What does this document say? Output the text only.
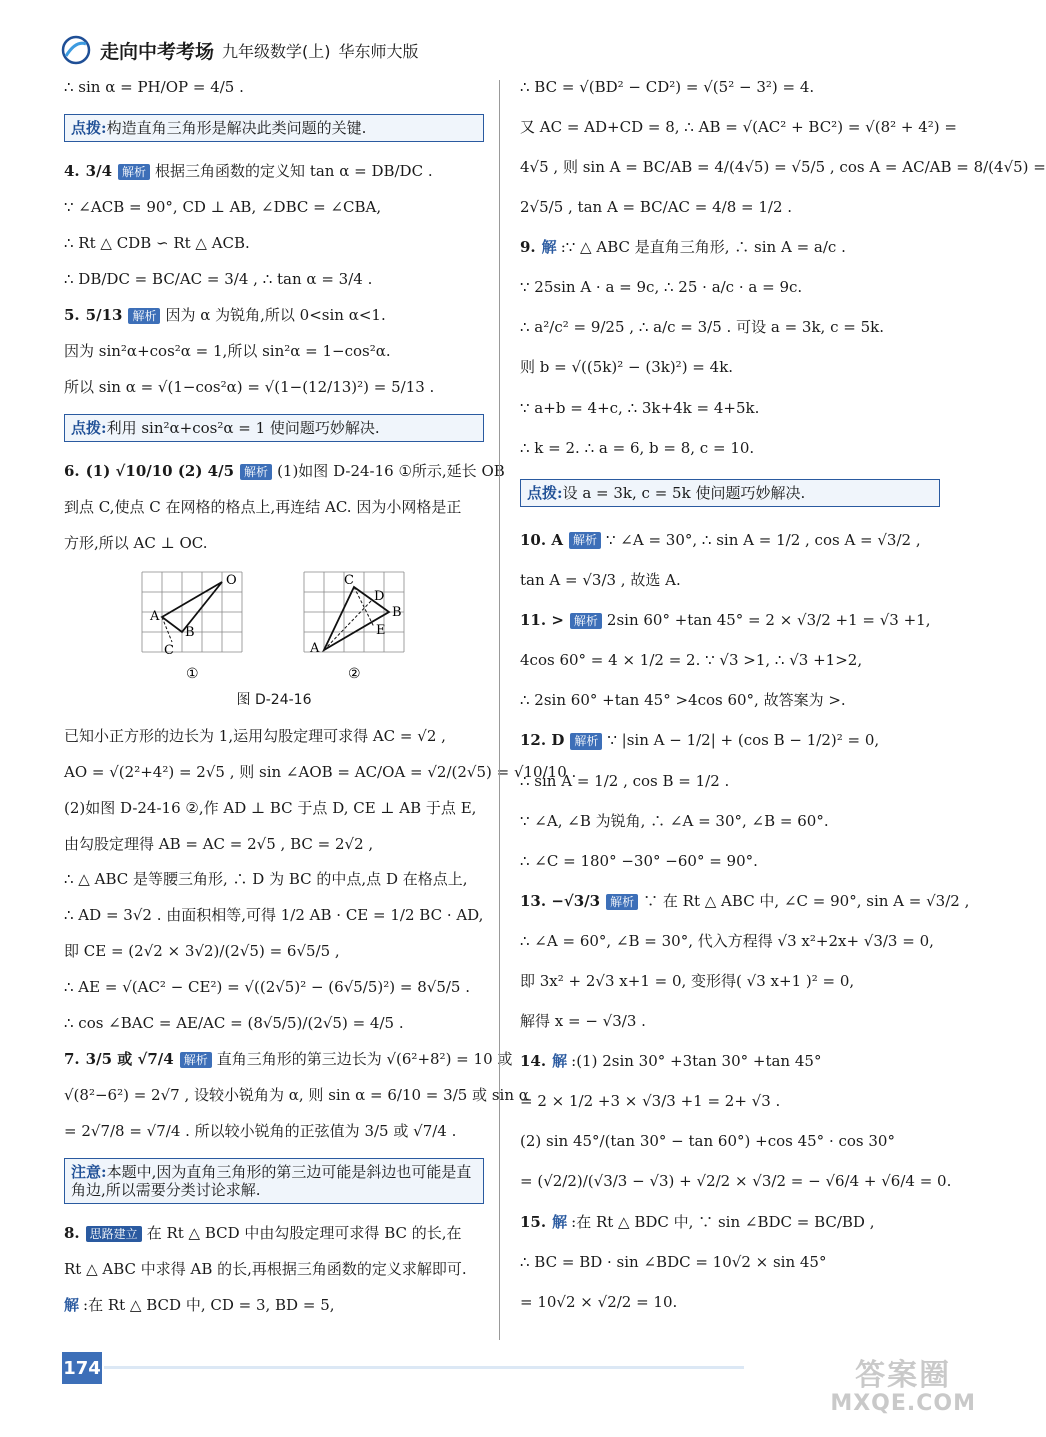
走向中考考场 九年级数学(上) 华东师大版
∴ sin α = PH/OP = 4/5 .
点拨:构造直角三角形是解决此类问题的关键.
4. 3/4 解析 根据三角函数的定义知 tan α = DB/DC .
∵ ∠ACB = 90°, CD ⊥ AB, ∠DBC = ∠CBA,
∴ Rt △ CDB ∽ Rt △ ACB.
∴ DB/DC = BC/AC = 3/4 , ∴ tan α = 3/4 .
5. 5/13 解析 因为 α 为锐角,所以 0<sin α<1.
因为 sin²α+cos²α = 1,所以 sin²α = 1−cos²α.
所以 sin α = √(1−cos²α) = √(1−(12/13)²) = 5/13 .
点拨:利用 sin²α+cos²α = 1 使问题巧妙解决.
6. (1) √10/10 (2) 4/5 解析 (1)如图 D-24-16 ①所示,延长 OB
到点 C,使点 C 在网格的格点上,再连结 AC. 因为小网格是正
方形,所以 AC ⊥ OC.
A
O
B
C
①
A
C
D
B
E
②
图 D-24-16
已知小正方形的边长为 1,运用勾股定理可求得 AC = √2 ,
AO = √(2²+4²) = 2√5 , 则 sin ∠AOB = AC/OA = √2/(2√5) = √10/10 .
(2)如图 D-24-16 ②,作 AD ⊥ BC 于点 D, CE ⊥ AB 于点 E,
由勾股定理得 AB = AC = 2√5 , BC = 2√2 ,
∴ △ ABC 是等腰三角形, ∴ D 为 BC 的中点,点 D 在格点上,
∴ AD = 3√2 . 由面积相等,可得 1/2 AB · CE = 1/2 BC · AD,
即 CE = (2√2 × 3√2)/(2√5) = 6√5/5 ,
∴ AE = √(AC² − CE²) = √((2√5)² − (6√5/5)²) = 8√5/5 .
∴ cos ∠BAC = AE/AC = (8√5/5)/(2√5) = 4/5 .
7. 3/5 或 √7/4 解析 直角三角形的第三边长为 √(6²+8²) = 10 或
√(8²−6²) = 2√7 , 设较小锐角为 α, 则 sin α = 6/10 = 3/5 或 sin α
= 2√7/8 = √7/4 . 所以较小锐角的正弦值为 3/5 或 √7/4 .
注意:本题中,因为直角三角形的第三边可能是斜边也可能是直角边,所以需要分类讨论求解.
8. 思路建立 在 Rt △ BCD 中由勾股定理可求得 BC 的长,在
Rt △ ABC 中求得 AB 的长,再根据三角函数的定义求解即可.
解 :在 Rt △ BCD 中, CD = 3, BD = 5,
∴ BC = √(BD² − CD²) = √(5² − 3²) = 4.
又 AC = AD+CD = 8, ∴ AB = √(AC² + BC²) = √(8² + 4²) =
4√5 , 则 sin A = BC/AB = 4/(4√5) = √5/5 , cos A = AC/AB = 8/(4√5) =
2√5/5 , tan A = BC/AC = 4/8 = 1/2 .
9. 解 :∵ △ ABC 是直角三角形, ∴ sin A = a/c .
∵ 25sin A · a = 9c, ∴ 25 · a/c · a = 9c.
∴ a²/c² = 9/25 , ∴ a/c = 3/5 . 可设 a = 3k, c = 5k.
则 b = √((5k)² − (3k)²) = 4k.
∵ a+b = 4+c, ∴ 3k+4k = 4+5k.
∴ k = 2. ∴ a = 6, b = 8, c = 10.
点拨:设 a = 3k, c = 5k 使问题巧妙解决.
10. A 解析 ∵ ∠A = 30°, ∴ sin A = 1/2 , cos A = √3/2 ,
tan A = √3/3 , 故选 A.
11. > 解析 2sin 60° +tan 45° = 2 × √3/2 +1 = √3 +1,
4cos 60° = 4 × 1/2 = 2. ∵ √3 >1, ∴ √3 +1>2,
∴ 2sin 60° +tan 45° >4cos 60°, 故答案为 >.
12. D 解析 ∵ |sin A − 1/2| + (cos B − 1/2)² = 0,
∴ sin A = 1/2 , cos B = 1/2 .
∵ ∠A, ∠B 为锐角, ∴ ∠A = 30°, ∠B = 60°.
∴ ∠C = 180° −30° −60° = 90°.
13. −√3/3 解析 ∵ 在 Rt △ ABC 中, ∠C = 90°, sin A = √3/2 ,
∴ ∠A = 60°, ∠B = 30°, 代入方程得 √3 x²+2x+ √3/3 = 0,
即 3x² + 2√3 x+1 = 0, 变形得( √3 x+1 )² = 0,
解得 x = − √3/3 .
14. 解 :(1) 2sin 30° +3tan 30° +tan 45°
= 2 × 1/2 +3 × √3/3 +1 = 2+ √3 .
(2) sin 45°/(tan 30° − tan 60°) +cos 45° · cos 30°
= (√2/2)/(√3/3 − √3) + √2/2 × √3/2 = − √6/4 + √6/4 = 0.
15. 解 :在 Rt △ BDC 中, ∵ sin ∠BDC = BC/BD ,
∴ BC = BD · sin ∠BDC = 10√2 × sin 45°
= 10√2 × √2/2 = 10.
174	答案圈
MXQE.COM
